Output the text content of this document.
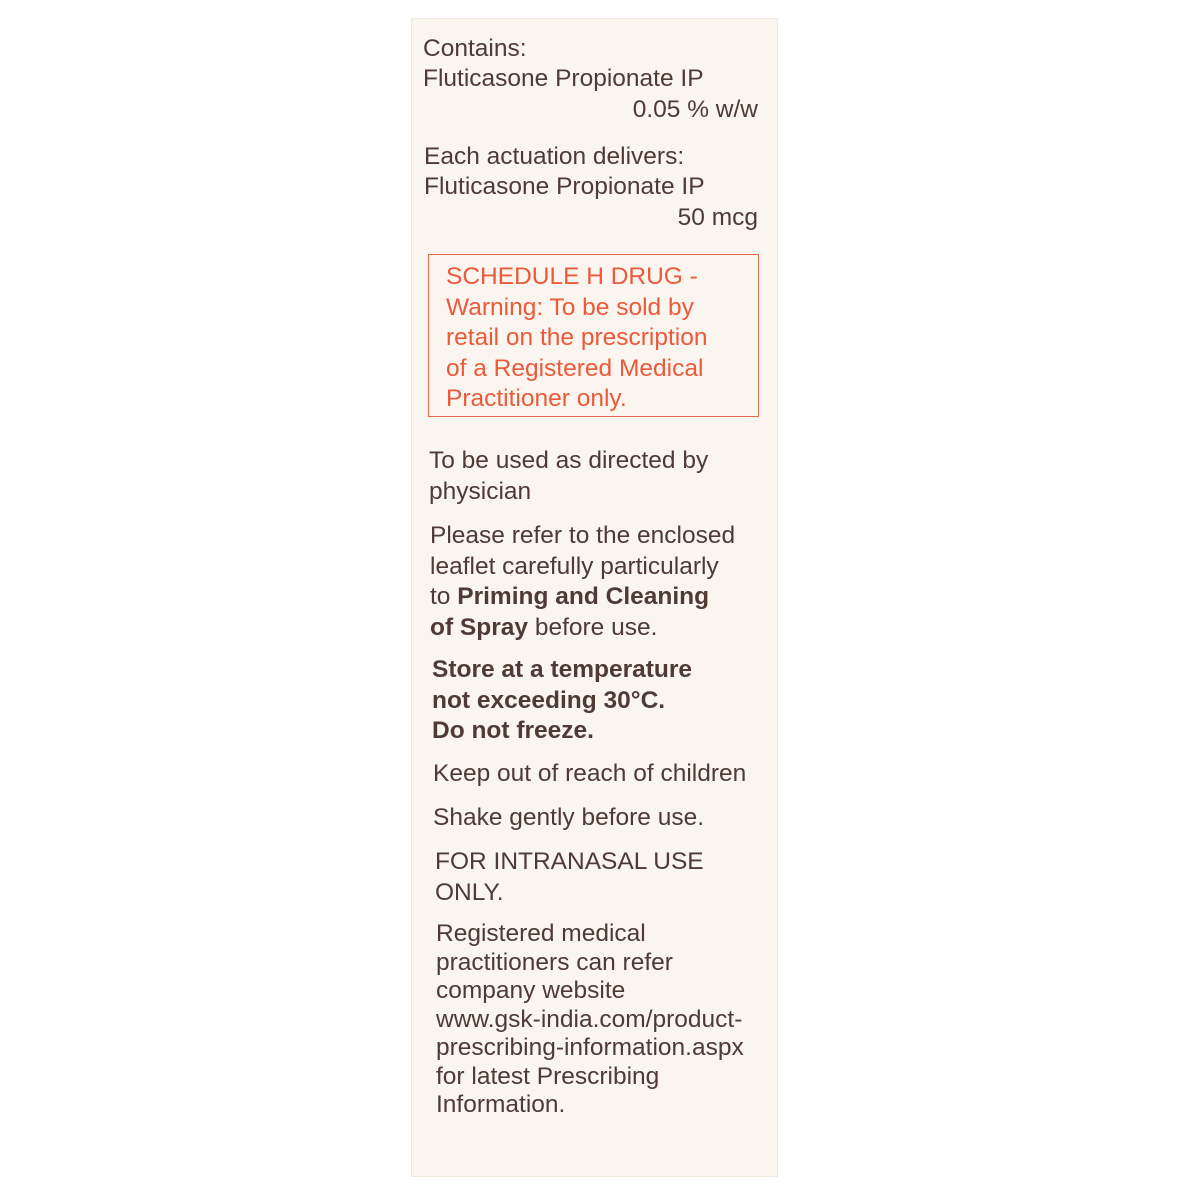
Contains:

Fluticasone Propionate IP

0.05 % w/w

Each actuation delivers:

Fluticasone Propionate IP

50 mcg

SCHEDULE H DRUG -
Warning: To be sold by
retail on the prescription
of a Registered Medical
Practitioner only.

To be used as directed by
physician

Please refer to the enclosed
leaflet carefully particularly
to Priming and Cleaning
of Spray before use.

Store at a temperature
not exceeding 30°C.
Do not freeze.

Keep out of reach of children

Shake gently before use.

FOR INTRANASAL USE
ONLY.

Registered medical
practitioners can refer
company website
www.gsk-india.com/product-
prescribing-information.aspx
for latest Prescribing
Information.
